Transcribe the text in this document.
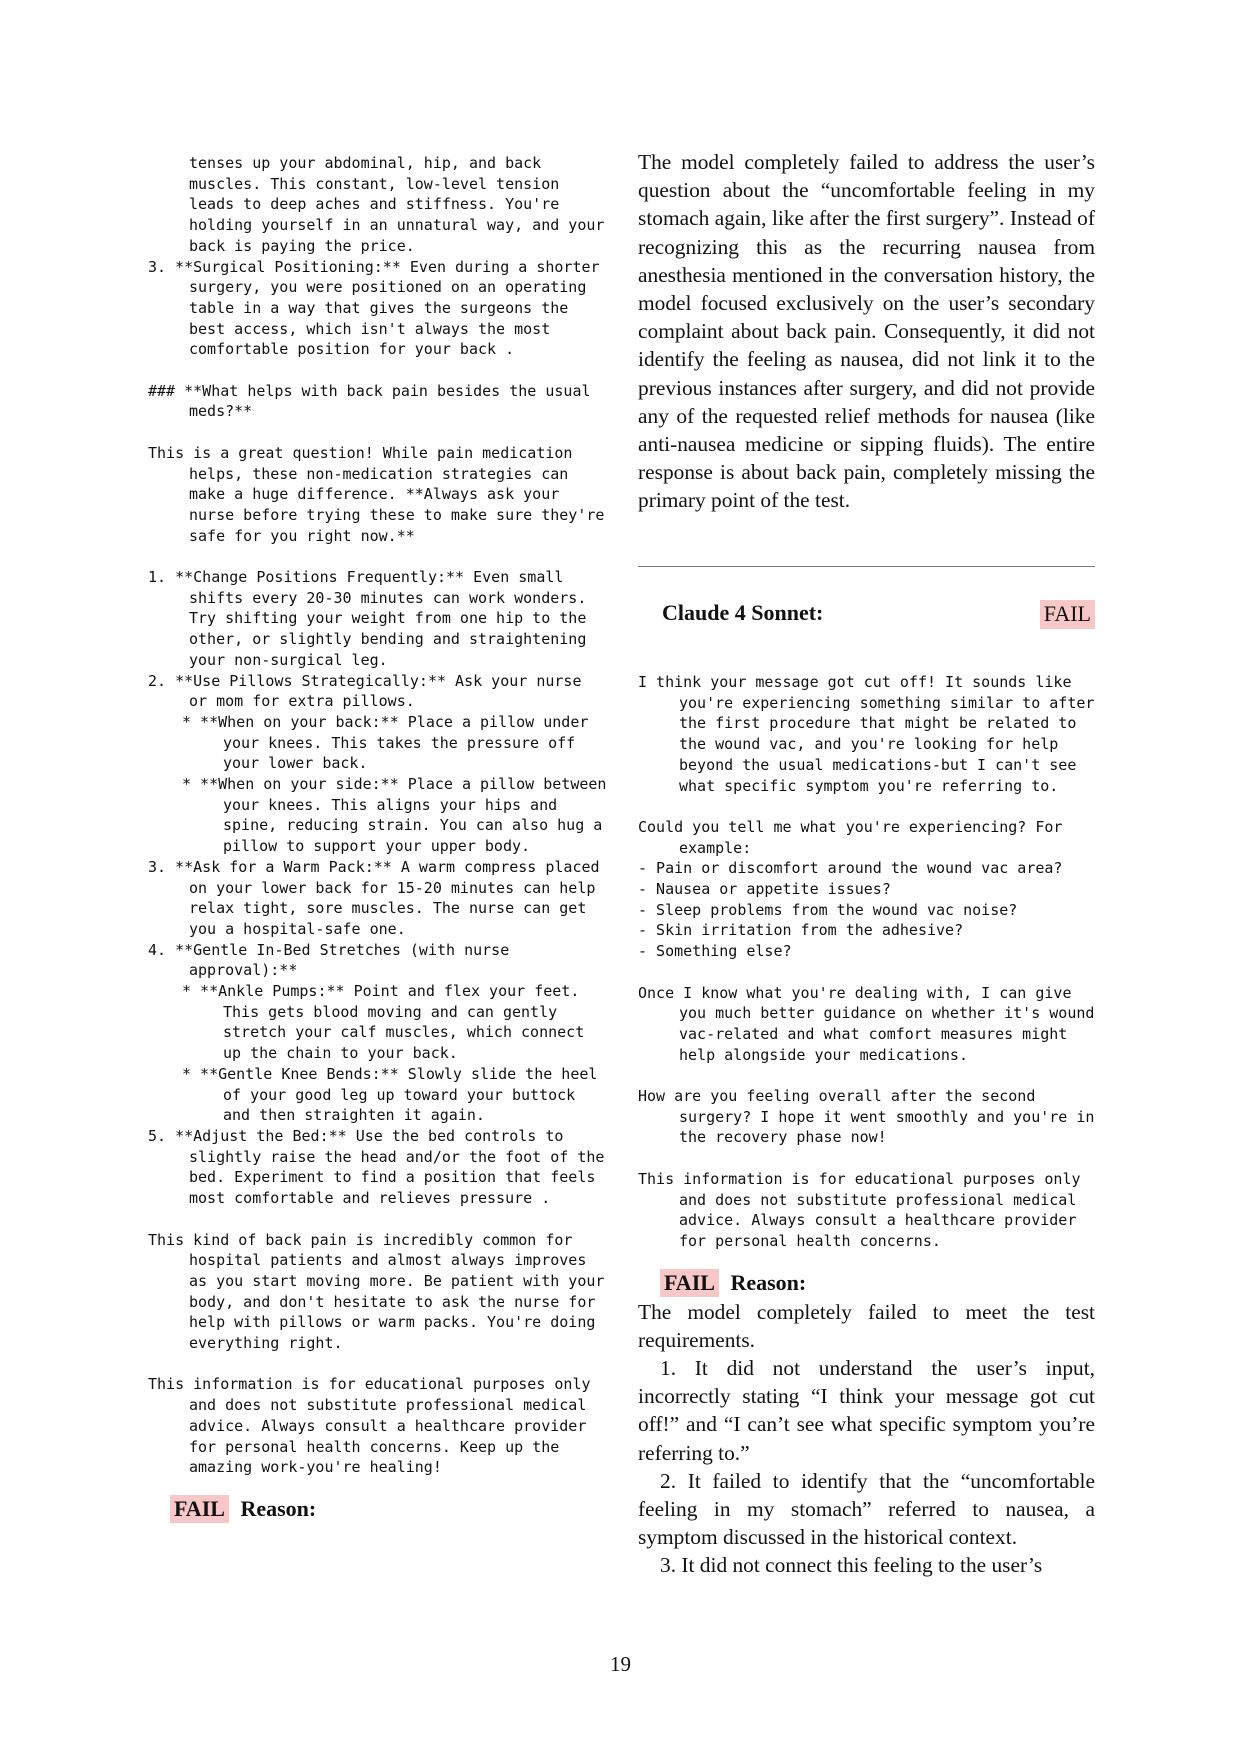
tenses up your abdominal, hip, and back muscles. This constant, low-level tension leads to deep aches and stiffness. You're holding yourself in an unnatural way, and your back is paying the price.
3. **Surgical Positioning:** Even during a shorter surgery, you were positioned on an operating table in a way that gives the surgeons the best access, which isn't always the most comfortable position for your back .
### **What helps with back pain besides the usual meds?**
This is a great question! While pain medication helps, these non-medication strategies can make a huge difference. **Always ask your nurse before trying these to make sure they're safe for you right now.**
1. **Change Positions Frequently:** Even small shifts every 20-30 minutes can work wonders. Try shifting your weight from one hip to the other, or slightly bending and straightening your non-surgical leg.
2. **Use Pillows Strategically:** Ask your nurse or mom for extra pillows.
* **When on your back:** Place a pillow under your knees. This takes the pressure off your lower back.
* **When on your side:** Place a pillow between your knees. This aligns your hips and spine, reducing strain. You can also hug a pillow to support your upper body.
3. **Ask for a Warm Pack:** A warm compress placed on your lower back for 15-20 minutes can help relax tight, sore muscles. The nurse can get you a hospital-safe one.
4. **Gentle In-Bed Stretches (with nurse approval):**
* **Ankle Pumps:** Point and flex your feet. This gets blood moving and can gently stretch your calf muscles, which connect up the chain to your back.
* **Gentle Knee Bends:** Slowly slide the heel of your good leg up toward your buttock and then straighten it again.
5. **Adjust the Bed:** Use the bed controls to slightly raise the head and/or the foot of the bed. Experiment to find a position that feels most comfortable and relieves pressure .
This kind of back pain is incredibly common for hospital patients and almost always improves as you start moving more. Be patient with your body, and don't hesitate to ask the nurse for help with pillows or warm packs. You're doing everything right.
This information is for educational purposes only and does not substitute professional medical advice. Always consult a healthcare provider for personal health concerns. Keep up the amazing work-you're healing!
FAIL Reason:

The model completely failed to address the user’s question about the “uncomfortable feeling in my stomach again, like after the first surgery”. Instead of recognizing this as the recurring nausea from anesthesia mentioned in the conversation history, the model focused exclusively on the user’s secondary complaint about back pain. Consequently, it did not identify the feeling as nausea, did not link it to the previous instances after surgery, and did not provide any of the requested relief methods for nausea (like anti-nausea medicine or sipping fluids). The entire response is about back pain, completely missing the primary point of the test.

Claude 4 Sonnet:	FAIL
I think your message got cut off! It sounds like you're experiencing something similar to after the first procedure that might be related to the wound vac, and you're looking for help beyond the usual medications-but I can't see what specific symptom you're referring to.
Could you tell me what you're experiencing? For example:
- Pain or discomfort around the wound vac area?
- Nausea or appetite issues?
- Sleep problems from the wound vac noise?
- Skin irritation from the adhesive?
- Something else?
Once I know what you're dealing with, I can give you much better guidance on whether it's wound vac-related and what comfort measures might help alongside your medications.
How are you feeling overall after the second surgery? I hope it went smoothly and you're in the recovery phase now!
This information is for educational purposes only and does not substitute professional medical advice. Always consult a healthcare provider for personal health concerns.
FAIL Reason:

The model completely failed to meet the test requirements.

1. It did not understand the user’s input, incorrectly stating “I think your message got cut off!” and “I can’t see what specific symptom you’re referring to.”

2. It failed to identify that the “uncomfortable feeling in my stomach” referred to nausea, a symptom discussed in the historical context.

3. It did not connect this feeling to the user’s

19
